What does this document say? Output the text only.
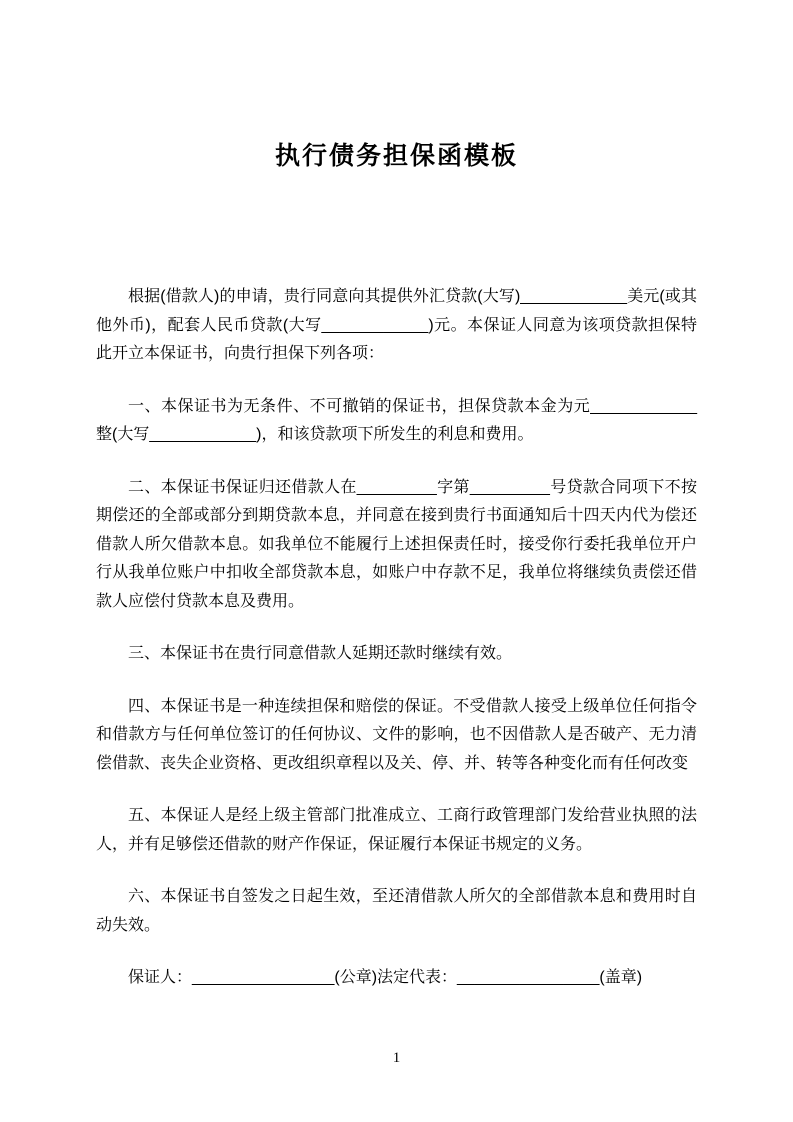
执行债务担保函模板

根据(借款人)的申请，贵行同意向其提供外汇贷款(大写)____________美元(或其他外币)，配套人民币贷款(大写____________)元。本保证人同意为该项贷款担保特此开立本保证书，向贵行担保下列各项：

一、本保证书为无条件、不可撤销的保证书，担保贷款本金为元____________整(大写____________)，和该贷款项下所发生的利息和费用。

二、本保证书保证归还借款人在_________字第_________号贷款合同项下不按期偿还的全部或部分到期贷款本息，并同意在接到贵行书面通知后十四天内代为偿还借款人所欠借款本息。如我单位不能履行上述担保责任时，接受你行委托我单位开户行从我单位账户中扣收全部贷款本息，如账户中存款不足，我单位将继续负责偿还借款人应偿付贷款本息及费用。

三、本保证书在贵行同意借款人延期还款时继续有效。

四、本保证书是一种连续担保和赔偿的保证。不受借款人接受上级单位任何指令和借款方与任何单位签订的任何协议、文件的影响，也不因借款人是否破产、无力清偿借款、丧失企业资格、更改组织章程以及关、停、并、转等各种变化而有任何改变

五、本保证人是经上级主管部门批准成立、工商行政管理部门发给营业执照的法人，并有足够偿还借款的财产作保证，保证履行本保证书规定的义务。

六、本保证书自签发之日起生效，至还清借款人所欠的全部借款本息和费用时自动失效。

保证人：________________(公章)法定代表：________________(盖章)

1
